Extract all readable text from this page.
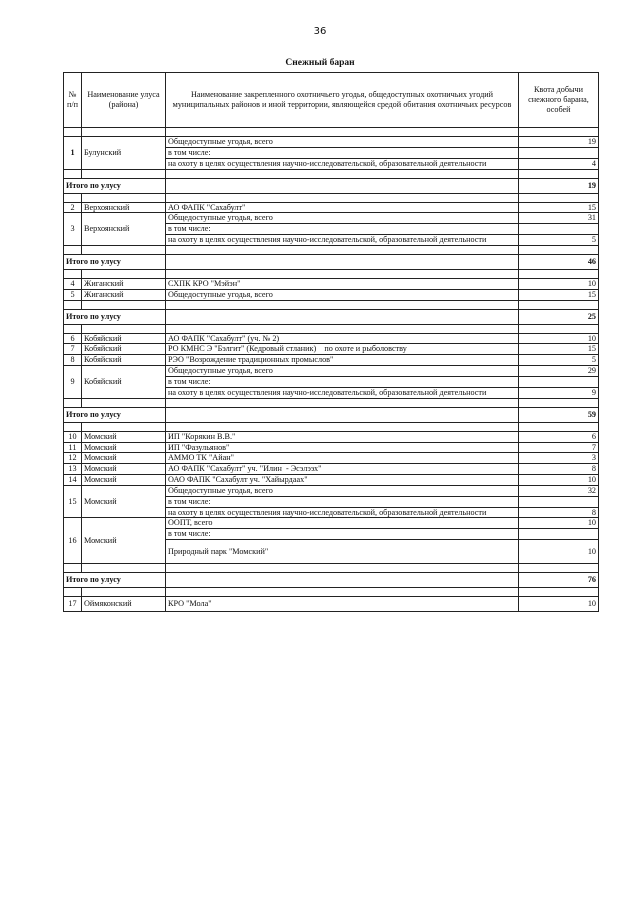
36
Снежный баран
№ п/п	Наименование улуса (района)	Наименование закрепленного охотничьего угодья, общедоступных охотничьих угодий муниципальных районов и иной территории, являющейся средой обитания охотничьих ресурсов	Квота добычи снежного барана, особей

1	Булунский	Общедоступные угодья, всего	19
		в том числе:	
		на охоту в целях осуществления научно-исследовательской, образовательной деятельности	4

Итого по улусу			19

2	Верхоянский	АО ФАПК "Сахабулт"	15
3	Верхоянский	Общедоступные угодья, всего	31
		в том числе:	
		на охоту в целях осуществления научно-исследовательской, образовательной деятельности	5

Итого по улусу			46

4	Жиганский	СХПК КРО "Мэйэн"	10
5	Жиганский	Общедоступные угодья, всего	15

Итого по улусу			25

6	Кобяйский	АО ФАПК "Сахабулт" (уч. № 2)	10
7	Кобяйский	РО КМНС Э "Бэлгит" (Кедровый стланик)    по охоте и рыболовству	15
8	Кобяйский	РЭО "Возрождение традиционных промыслов"	5
9	Кобяйский	Общедоступные угодья, всего	29
		в том числе:	
		на охоту в целях осуществления научно-исследовательской, образовательной деятельности	9

Итого по улусу			59

10	Момский	ИП "Корякин В.В."	6
11	Момский	ИП "Фазульянов"	7
12	Момский	АММО ТК "Айан"	3
13	Момский	АО ФАПК "Сахабулт" уч. "Илин  - Эсэлээх"	8
14	Момский	ОАО ФАПК "Сахабулт уч. "Хайырдаах"	10
15	Момский	Общедоступные угодья, всего	32
		в том числе:	
		на охоту в целях осуществления научно-исследовательской, образовательной деятельности	8
16	Момский	ООПТ, всего	10
		в том числе:	
		Природный парк "Момский"	10

Итого по улусу			76

17	Оймяконский	КРО "Мола"	10
